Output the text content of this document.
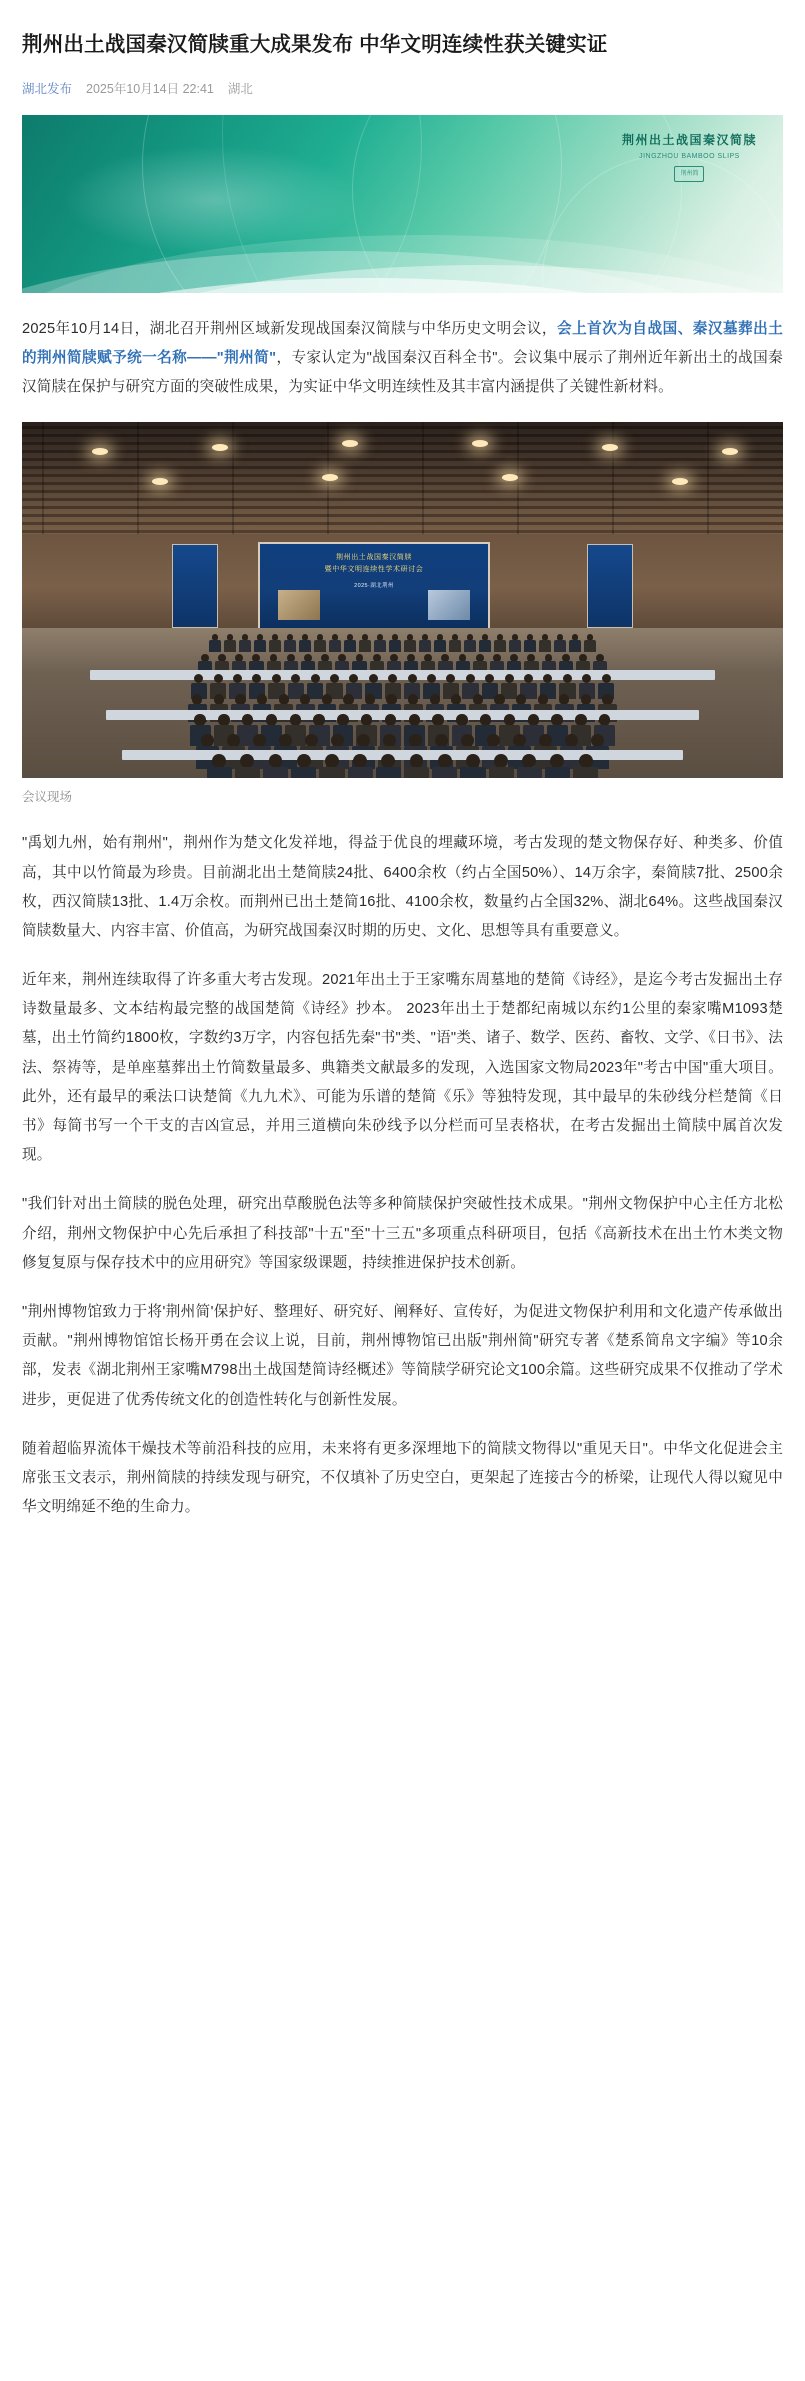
荆州出土战国秦汉简牍重大成果发布 中华文明连续性获关键实证
湖北发布 2025年10月14日 22:41 湖北
荆州出土战国秦汉简牍
JINGZHOU BAMBOO SLIPS
荆州简

2025年10月14日，湖北召开荆州区域新发现战国秦汉简牍与中华历史文明会议，会上首次为自战国、秦汉墓葬出土的荆州简牍赋予统一名称——"荆州简"，专家认定为"战国秦汉百科全书"。会议集中展示了荆州近年新出土的战国秦汉简牍在保护与研究方面的突破性成果，为实证中华文明连续性及其丰富内涵提供了关键性新材料。

荆州出土战国秦汉简牍
暨中华文明连续性学术研讨会
2025·湖北荆州
会议现场

"禹划九州，始有荆州"，荆州作为楚文化发祥地，得益于优良的埋藏环境，考古发现的楚文物保存好、种类多、价值高，其中以竹简最为珍贵。目前湖北出土楚简牍24批、6400余枚（约占全国50%）、14万余字，秦简牍7批、2500余枚，西汉简牍13批、1.4万余枚。而荆州已出土楚简16批、4100余枚，数量约占全国32%、湖北64%。这些战国秦汉简牍数量大、内容丰富、价值高，为研究战国秦汉时期的历史、文化、思想等具有重要意义。

近年来，荆州连续取得了许多重大考古发现。2021年出土于王家嘴东周墓地的楚简《诗经》，是迄今考古发掘出土存诗数量最多、文本结构最完整的战国楚简《诗经》抄本。 2023年出土于楚都纪南城以东约1公里的秦家嘴M1093楚墓，出土竹简约1800枚，字数约3万字，内容包括先秦"书"类、"语"类、诸子、数学、医药、畜牧、文学、《日书》、法法、祭祷等，是单座墓葬出土竹简数量最多、典籍类文献最多的发现，入选国家文物局2023年"考古中国"重大项目。此外，还有最早的乘法口诀楚简《九九术》、可能为乐谱的楚简《乐》等独特发现，其中最早的朱砂线分栏楚简《日书》每简书写一个干支的吉凶宣忌，并用三道横向朱砂线予以分栏而可呈表格状，在考古发掘出土简牍中属首次发现。

"我们针对出土简牍的脱色处理，研究出草酸脱色法等多种简牍保护突破性技术成果。"荆州文物保护中心主任方北松介绍，荆州文物保护中心先后承担了科技部"十五"至"十三五"多项重点科研项目，包括《高新技术在出土竹木类文物修复复原与保存技术中的应用研究》等国家级课题，持续推进保护技术创新。

"荆州博物馆致力于将'荆州简'保护好、整理好、研究好、阐释好、宣传好，为促进文物保护利用和文化遗产传承做出贡献。"荆州博物馆馆长杨开勇在会议上说，目前，荆州博物馆已出版"荆州简"研究专著《楚系简帛文字编》等10余部，发表《湖北荆州王家嘴M798出土战国楚简诗经概述》等简牍学研究论文100余篇。这些研究成果不仅推动了学术进步，更促进了优秀传统文化的创造性转化与创新性发展。

随着超临界流体干燥技术等前沿科技的应用，未来将有更多深埋地下的简牍文物得以"重见天日"。中华文化促进会主席张玉文表示，荆州简牍的持续发现与研究，不仅填补了历史空白，更架起了连接古今的桥梁，让现代人得以窥见中华文明绵延不绝的生命力。
